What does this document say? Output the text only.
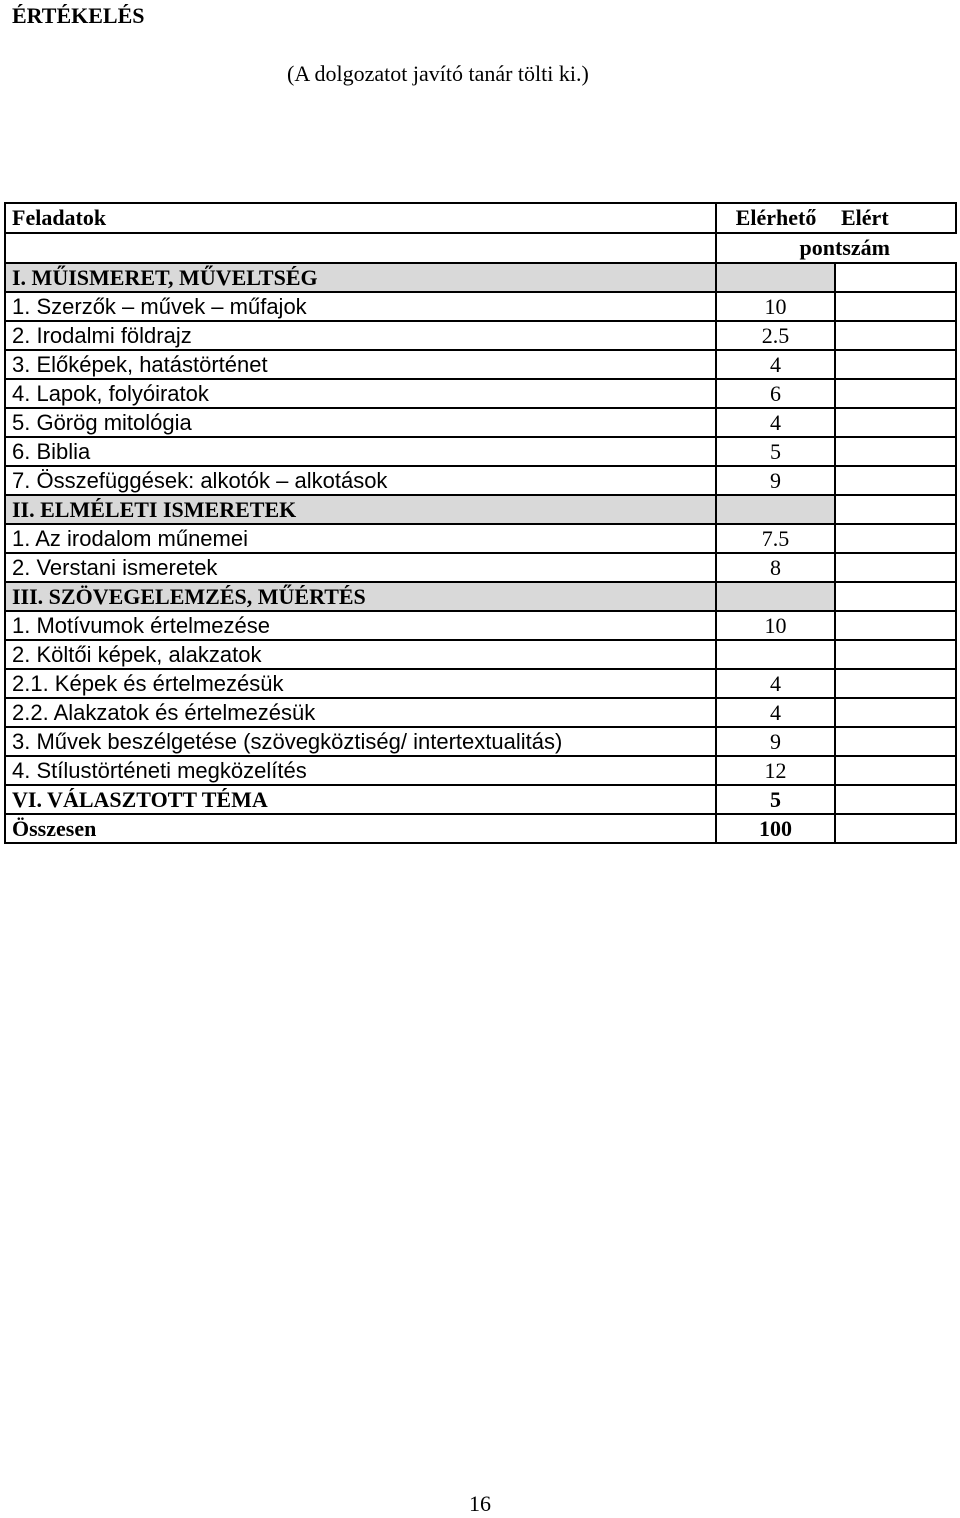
ÉRTÉKELÉS
(A dolgozatot javító tanár tölti ki.)
Feladatok	Elérhető	Elért
	pontszám	
I. MŰISMERET, MŰVELTSÉG		
1. Szerzők – művek – műfajok	10	
2. Irodalmi földrajz	2.5	
3. Előképek, hatástörténet	4	
4. Lapok, folyóiratok	6	
5. Görög mitológia	4	
6. Biblia	5	
7. Összefüggések: alkotók – alkotások	9	
II. ELMÉLETI ISMERETEK		
1. Az irodalom műnemei	7.5	
2. Verstani ismeretek	8	
III. SZÖVEGELEMZÉS, MŰÉRTÉS		
1. Motívumok értelmezése	10	
2. Költői képek, alakzatok		
2.1. Képek és értelmezésük	4	
2.2. Alakzatok és értelmezésük	4	
3. Művek beszélgetése (szövegköztiség/ intertextualitás)	9	
4. Stílustörténeti megközelítés	12	
VI. VÁLASZTOTT TÉMA	5	
Összesen	100	
16
